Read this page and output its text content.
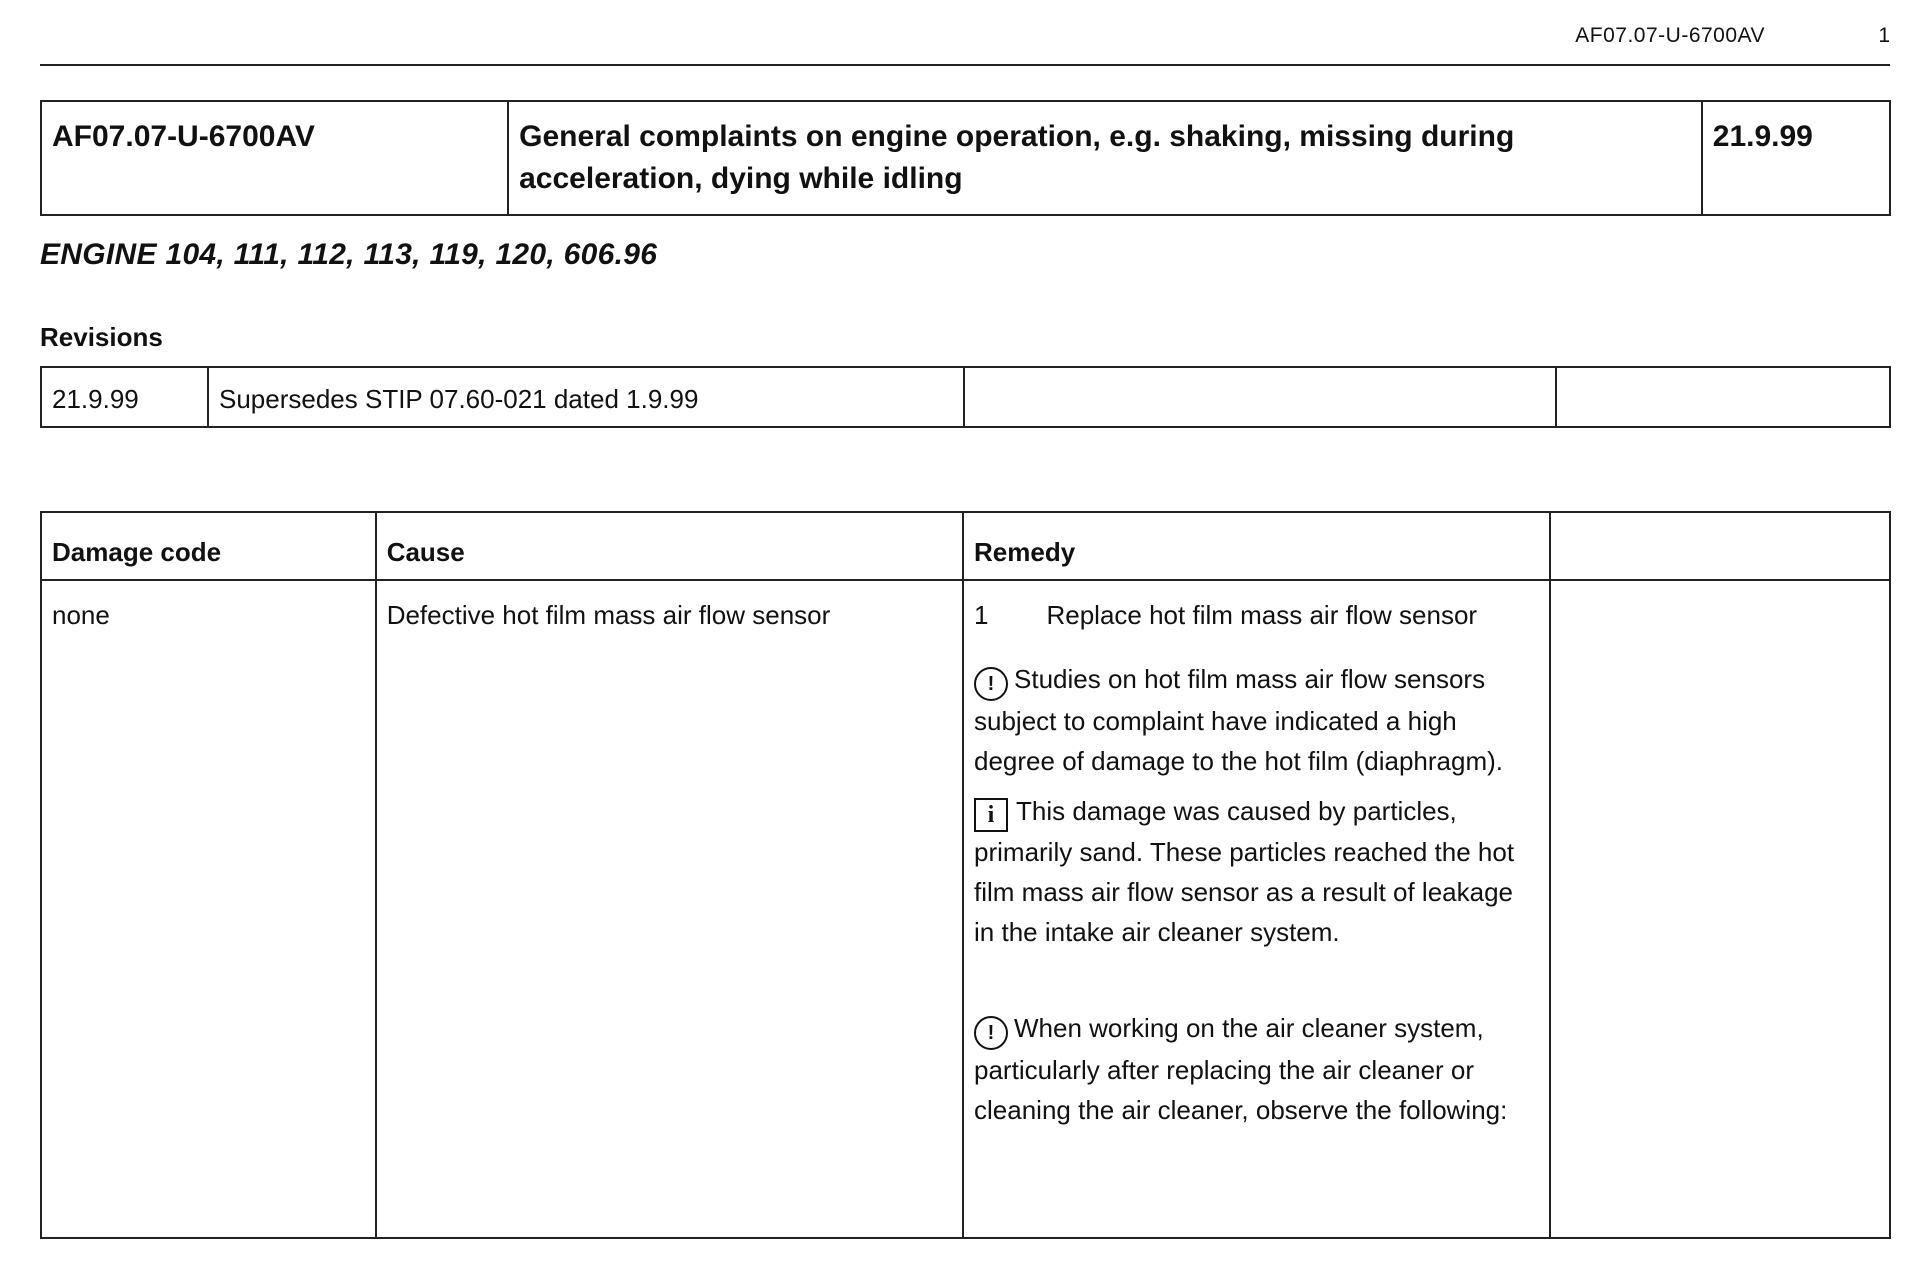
AF07.07-U-6700AV	1
AF07.07-U-6700AV	General complaints on engine operation, e.g. shaking, missing during acceleration, dying while idling	21.9.99
ENGINE 104, 111, 112, 113, 119, 120, 606.96
Revisions
21.9.99	Supersedes STIP 07.60-021 dated 1.9.99		
Damage code	Cause	Remedy	
none	Defective hot film mass air flow sensor	1 Replace hot film mass air flow sensor
! Studies on hot film mass air flow sensors subject to complaint have indicated a high degree of damage to the hot film (diaphragm).
i This damage was caused by particles, primarily sand. These particles reached the hot film mass air flow sensor as a result of leakage in the intake air cleaner system.
! When working on the air cleaner system, particularly after replacing the air cleaner or cleaning the air cleaner, observe the following:	
